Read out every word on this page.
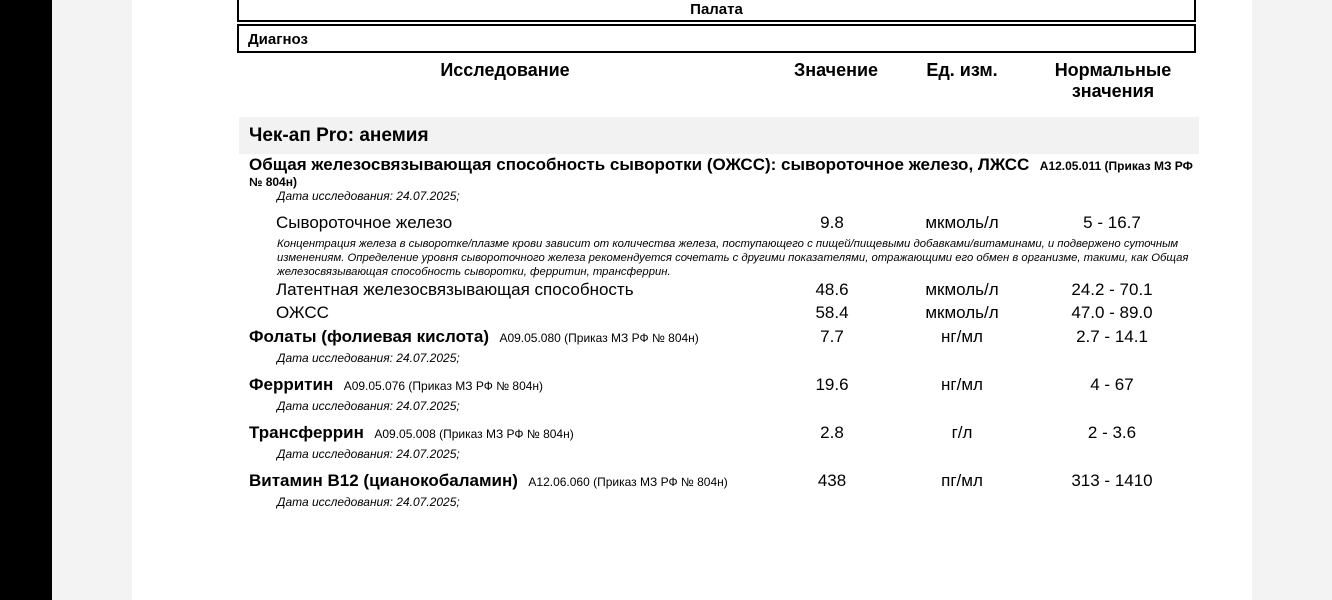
Палата
Диагноз
Исследование	Значение	Ед. изм.	Нормальные
значения
Чек-ап Pro: анемия
Общая железосвязывающая способность сыворотки (ОЖСС): сывороточное железо, ЛЖСС A12.05.011 (Приказ МЗ РФ
№ 804н)
Дата исследования: 24.07.2025;
Сывороточное железо	9.8	мкмоль/л	5 - 16.7
Концентрация железа в сыворотке/плазме крови зависит от количества железа, поступающего с пищей/пищевыми добавками/витаминами, и подвержено суточным изменениям. Определение уровня сывороточного железа рекомендуется сочетать с другими показателями, отражающими его обмен в организме, такими, как Общая железосвязывающая способность сыворотки, ферритин, трансферрин.
Латентная железосвязывающая способность	48.6	мкмоль/л	24.2 - 70.1
ОЖСС	58.4	мкмоль/л	47.0 - 89.0
Фолаты (фолиевая кислота) A09.05.080 (Приказ МЗ РФ № 804н)	7.7	нг/мл	2.7 - 14.1
Дата исследования: 24.07.2025;
Ферритин A09.05.076 (Приказ МЗ РФ № 804н)	19.6	нг/мл	4 - 67
Дата исследования: 24.07.2025;
Трансферрин A09.05.008 (Приказ МЗ РФ № 804н)	2.8	г/л	2 - 3.6
Дата исследования: 24.07.2025;
Витамин В12 (цианокобаламин) A12.06.060 (Приказ МЗ РФ № 804н)	438	пг/мл	313 - 1410
Дата исследования: 24.07.2025;
